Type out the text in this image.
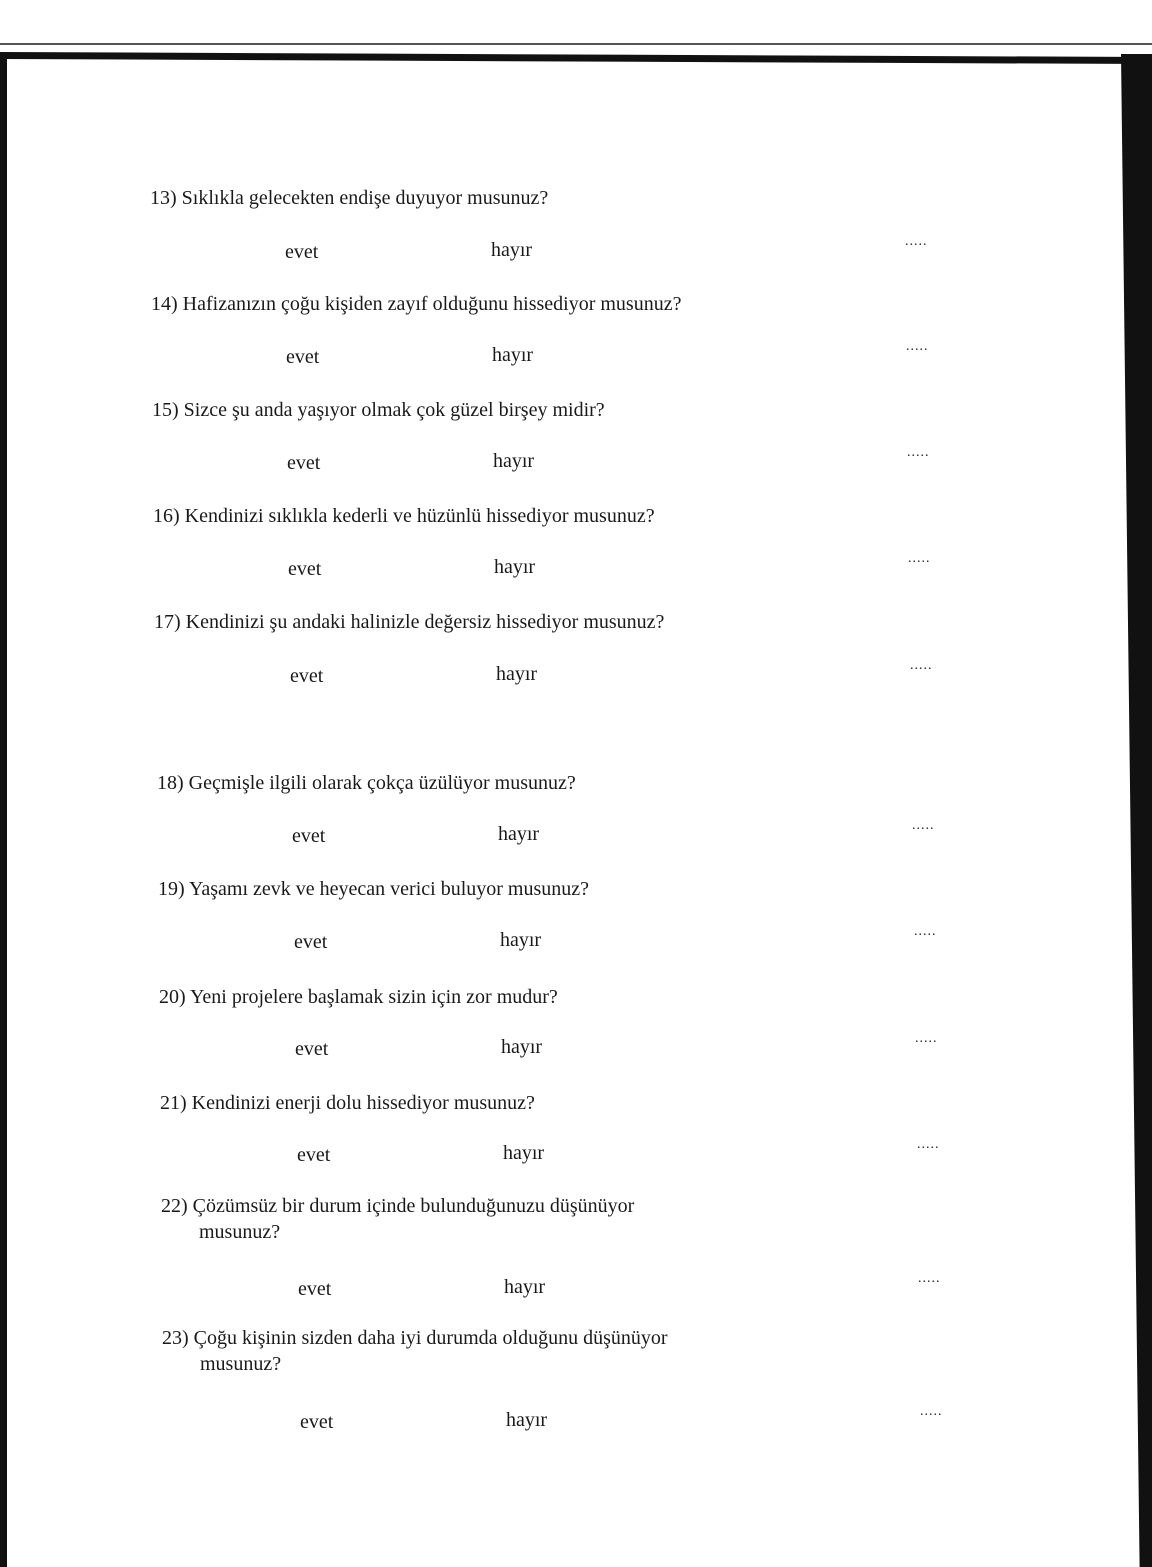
13) Sıklıkla gelecekten endişe duyuyor musunuz?
evet	hayır	.....
14) Hafizanızın çoğu kişiden zayıf olduğunu hissediyor musunuz?
evet	hayır	.....
15) Sizce şu anda yaşıyor olmak çok güzel birşey midir?
evet	hayır	.....
16) Kendinizi sıklıkla kederli ve hüzünlü hissediyor musunuz?
evet	hayır	.....
17) Kendinizi şu andaki halinizle değersiz hissediyor musunuz?
evet	hayır	.....
18) Geçmişle ilgili olarak çokça üzülüyor musunuz?
evet	hayır	.....
19) Yaşamı zevk ve heyecan verici buluyor musunuz?
evet	hayır	.....
20) Yeni projelere başlamak sizin için zor mudur?
evet	hayır	.....
21) Kendinizi enerji dolu hissediyor musunuz?
evet	hayır	.....
22) Çözümsüz bir durum içinde bulunduğunuzu düşünüyor
musunuz?
evet	hayır	.....
23) Çoğu kişinin sizden daha iyi durumda olduğunu düşünüyor
musunuz?
evet	hayır	.....
